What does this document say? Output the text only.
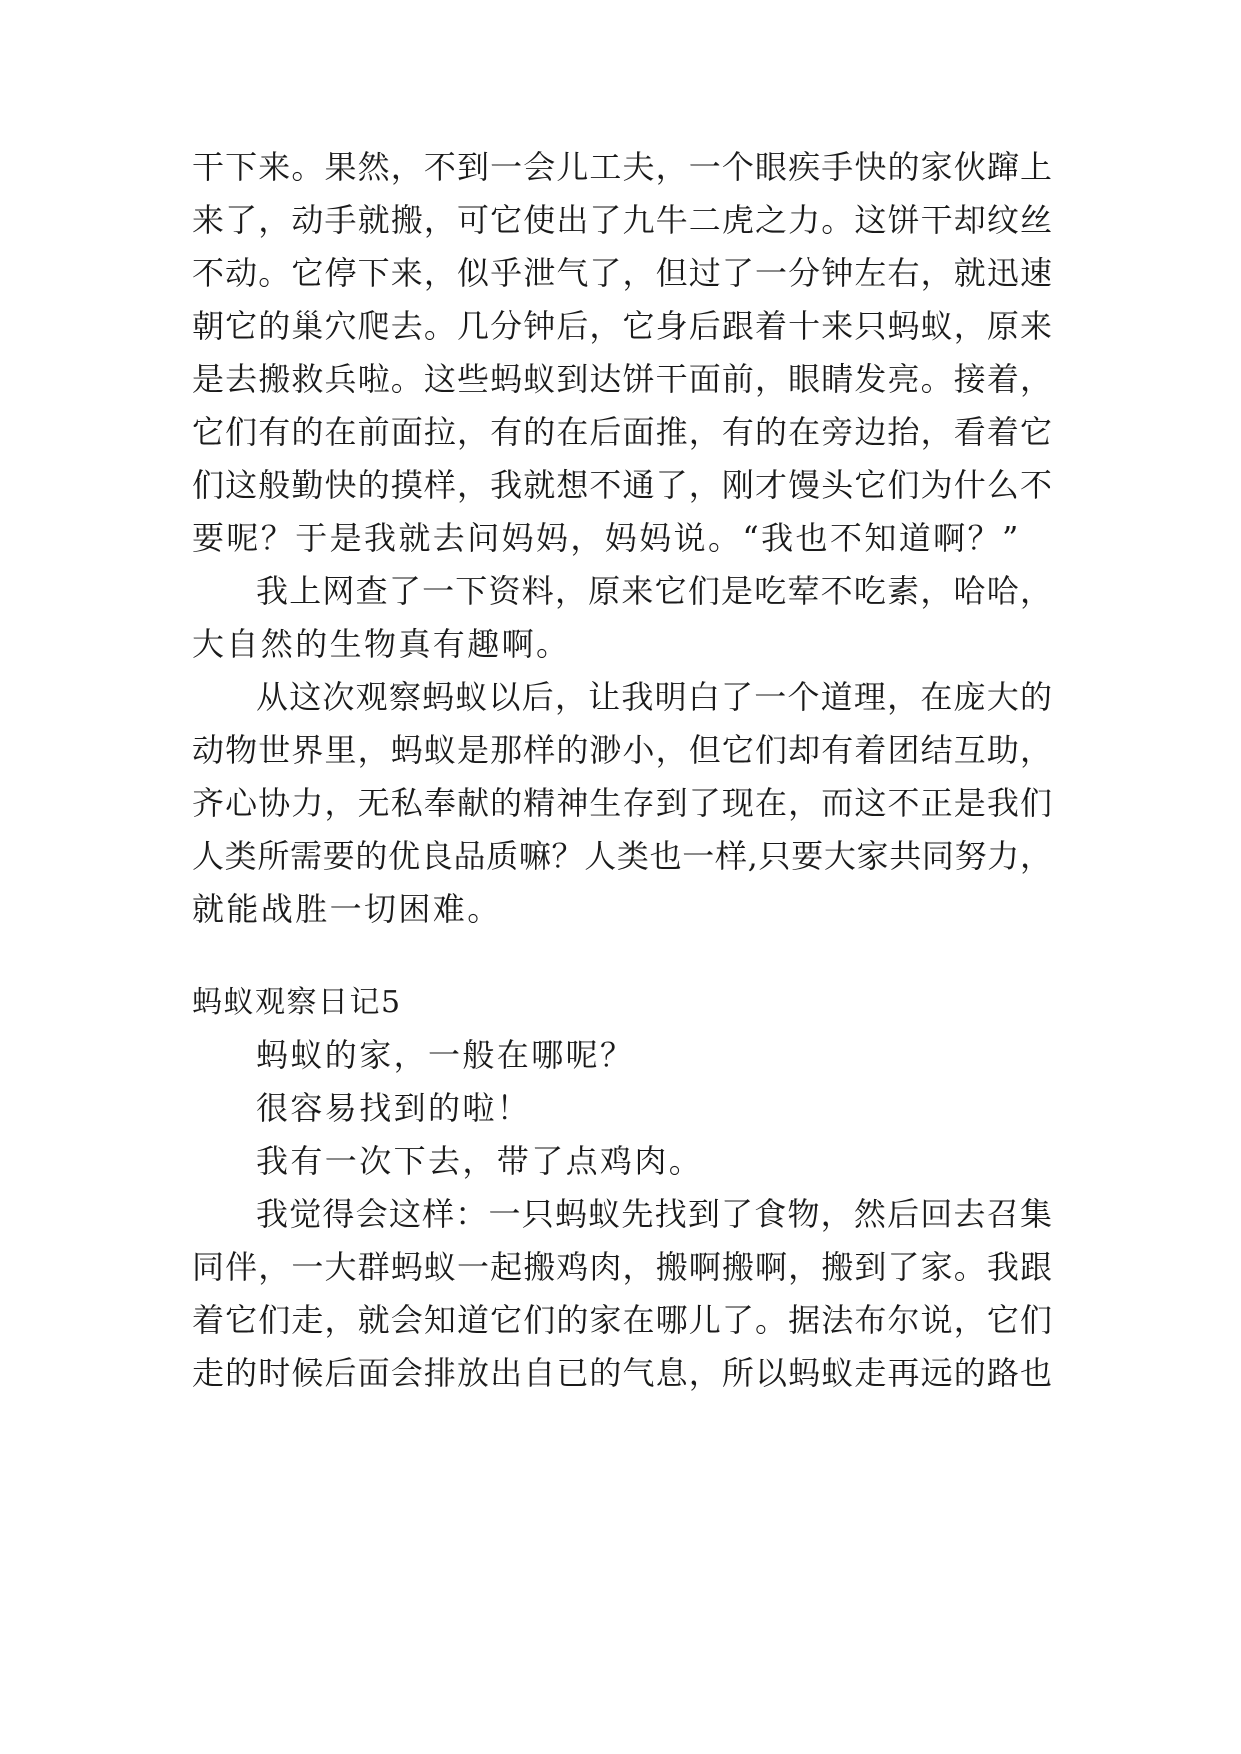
干下来。果然，不到一会儿工夫，一个眼疾手快的家伙蹿上
来了，动手就搬，可它使出了九牛二虎之力。这饼干却纹丝
不动。它停下来，似乎泄气了，但过了一分钟左右，就迅速
朝它的巢穴爬去。几分钟后，它身后跟着十来只蚂蚁，原来
是去搬救兵啦。这些蚂蚁到达饼干面前，眼睛发亮。接着，
它们有的在前面拉，有的在后面推，有的在旁边抬，看着它
们这般勤快的摸样，我就想不通了，刚才馒头它们为什么不
要呢？于是我就去问妈妈，妈妈说。“我也不知道啊？”
我上网查了一下资料，原来它们是吃荤不吃素，哈哈，
大自然的生物真有趣啊。
从这次观察蚂蚁以后，让我明白了一个道理，在庞大的
动物世界里，蚂蚁是那样的渺小，但它们却有着团结互助，
齐心协力，无私奉献的精神生存到了现在，而这不正是我们
人类所需要的优良品质嘛？人类也一样,只要大家共同努力，
就能战胜一切困难。
蚂蚁观察日记5
蚂蚁的家，一般在哪呢？
很容易找到的啦！
我有一次下去，带了点鸡肉。
我觉得会这样：一只蚂蚁先找到了食物，然后回去召集
同伴，一大群蚂蚁一起搬鸡肉，搬啊搬啊，搬到了家。我跟
着它们走，就会知道它们的家在哪儿了。据法布尔说，它们
走的时候后面会排放出自已的气息，所以蚂蚁走再远的路也
